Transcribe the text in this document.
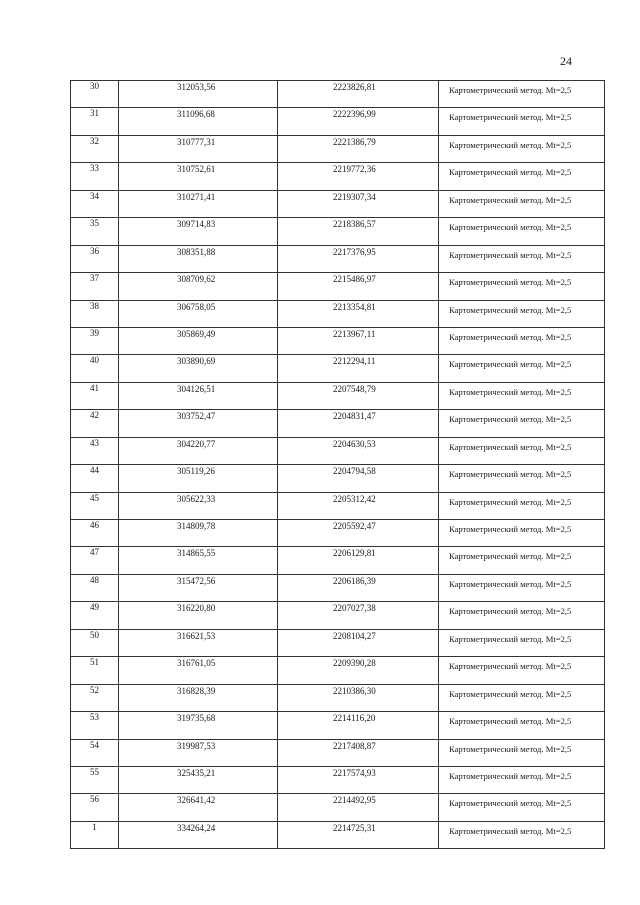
24
30	312053,56	2223826,81	Картометрический метод. Mt=2,5

31	311096,68	2222396,99	Картометрический метод. Mt=2,5

32	310777,31	2221386,79	Картометрический метод. Mt=2,5

33	310752,61	2219772,36	Картометрический метод. Mt=2,5

34	310271,41	2219307,34	Картометрический метод. Mt=2,5

35	309714,83	2218386,57	Картометрический метод. Mt=2,5

36	308351,88	2217376,95	Картометрический метод. Mt=2,5

37	308709,62	2215486,97	Картометрический метод. Mt=2,5

38	306758,05	2213354,81	Картометрический метод. Mt=2,5

39	305869,49	2213967,11	Картометрический метод. Mt=2,5

40	303890,69	2212294,11	Картометрический метод. Mt=2,5

41	304126,51	2207548,79	Картометрический метод. Mt=2,5

42	303752,47	2204831,47	Картометрический метод. Mt=2,5

43	304220,77	2204630,53	Картометрический метод. Mt=2,5

44	305119,26	2204794,58	Картометрический метод. Mt=2,5

45	305622,33	2205312,42	Картометрический метод. Mt=2,5

46	314809,78	2205592,47	Картометрический метод. Mt=2,5

47	314865,55	2206129,81	Картометрический метод. Mt=2,5

48	315472,56	2206186,39	Картометрический метод. Mt=2,5

49	316220,80	2207027,38	Картометрический метод. Mt=2,5

50	316621,53	2208104,27	Картометрический метод. Mt=2,5

51	316761,05	2209390,28	Картометрический метод. Mt=2,5

52	316828,39	2210386,30	Картометрический метод. Mt=2,5

53	319735,68	2214116,20	Картометрический метод. Mt=2,5

54	319987,53	2217408,87	Картометрический метод. Mt=2,5

55	325435,21	2217574,93	Картометрический метод. Mt=2,5

56	326641,42	2214492,95	Картометрический метод. Mt=2,5

1	334264,24	2214725,31	Картометрический метод. Mt=2,5
